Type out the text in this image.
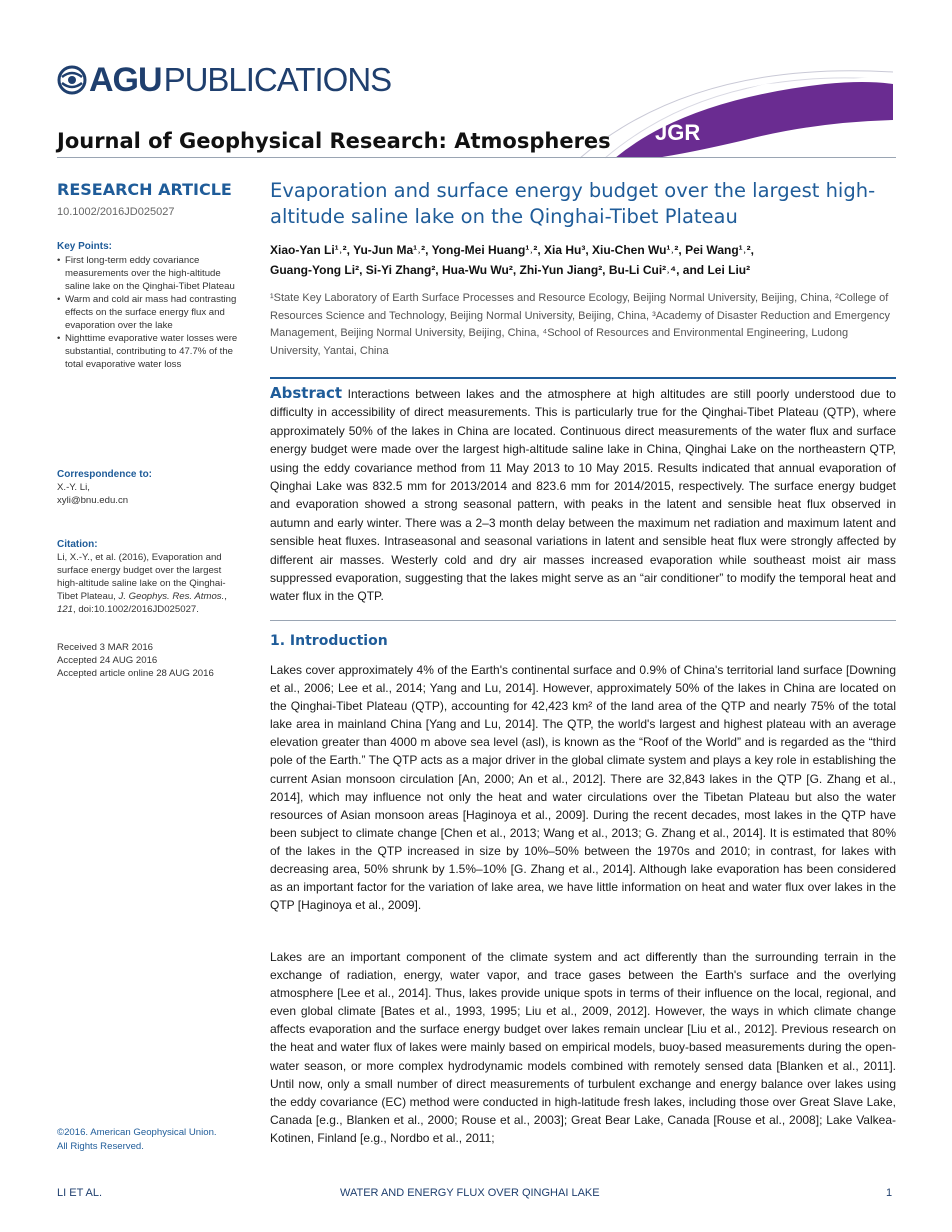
AGU PUBLICATIONS
JGR
Journal of Geophysical Research: Atmospheres
RESEARCH ARTICLE
10.1002/2016JD025027
Key Points:
• First long-term eddy covariance measurements over the high-altitude saline lake on the Qinghai-Tibet Plateau
• Warm and cold air mass had contrasting effects on the surface energy flux and evaporation over the lake
• Nighttime evaporative water losses were substantial, contributing to 47.7% of the total evaporative water loss
Correspondence to:
X.-Y. Li,
xyli@bnu.edu.cn
Citation:
Li, X.-Y., et al. (2016), Evaporation and surface energy budget over the largest high-altitude saline lake on the Qinghai-Tibet Plateau, J. Geophys. Res. Atmos., 121, doi:10.1002/2016JD025027.
Received 3 MAR 2016
Accepted 24 AUG 2016
Accepted article online 28 AUG 2016
©2016. American Geophysical Union.
All Rights Reserved.
Evaporation and surface energy budget over the largest high-altitude saline lake on the Qinghai-Tibet Plateau
Xiao-Yan Li¹˒², Yu-Jun Ma¹˒², Yong-Mei Huang¹˒², Xia Hu³, Xiu-Chen Wu¹˒², Pei Wang¹˒²,
Guang-Yong Li², Si-Yi Zhang², Hua-Wu Wu², Zhi-Yun Jiang², Bu-Li Cui²˒⁴, and Lei Liu²
¹State Key Laboratory of Earth Surface Processes and Resource Ecology, Beijing Normal University, Beijing, China, ²College of Resources Science and Technology, Beijing Normal University, Beijing, China, ³Academy of Disaster Reduction and Emergency Management, Beijing Normal University, Beijing, China, ⁴School of Resources and Environmental Engineering, Ludong University, Yantai, China
Abstract Interactions between lakes and the atmosphere at high altitudes are still poorly understood due to difficulty in accessibility of direct measurements. This is particularly true for the Qinghai-Tibet Plateau (QTP), where approximately 50% of the lakes in China are located. Continuous direct measurements of the water flux and surface energy budget were made over the largest high-altitude saline lake in China, Qinghai Lake on the northeastern QTP, using the eddy covariance method from 11 May 2013 to 10 May 2015. Results indicated that annual evaporation of Qinghai Lake was 832.5 mm for 2013/2014 and 823.6 mm for 2014/2015, respectively. The surface energy budget and evaporation showed a strong seasonal pattern, with peaks in the latent and sensible heat flux observed in autumn and early winter. There was a 2–3 month delay between the maximum net radiation and maximum latent and sensible heat fluxes. Intraseasonal and seasonal variations in latent and sensible heat flux were strongly affected by different air masses. Westerly cold and dry air masses increased evaporation while southeast moist air mass suppressed evaporation, suggesting that the lakes might serve as an “air conditioner” to modify the temporal heat and water flux in the QTP.
1. Introduction
Lakes cover approximately 4% of the Earth's continental surface and 0.9% of China's territorial land surface [Downing et al., 2006; Lee et al., 2014; Yang and Lu, 2014]. However, approximately 50% of the lakes in China are located on the Qinghai-Tibet Plateau (QTP), accounting for 42,423 km² of the land area of the QTP and nearly 75% of the total lake area in mainland China [Yang and Lu, 2014]. The QTP, the world's largest and highest plateau with an average elevation greater than 4000 m above sea level (asl), is known as the “Roof of the World” and is regarded as the “third pole of the Earth.” The QTP acts as a major driver in the global climate system and plays a key role in establishing the current Asian monsoon circulation [An, 2000; An et al., 2012]. There are 32,843 lakes in the QTP [G. Zhang et al., 2014], which may influence not only the heat and water circulations over the Tibetan Plateau but also the water resources of Asian monsoon areas [Haginoya et al., 2009]. During the recent decades, most lakes in the QTP have been subject to climate change [Chen et al., 2013; Wang et al., 2013; G. Zhang et al., 2014]. It is estimated that 80% of the lakes in the QTP increased in size by 10%–50% between the 1970s and 2010; in contrast, for lakes with decreasing area, 50% shrunk by 1.5%–10% [G. Zhang et al., 2014]. Although lake evaporation has been considered as an important factor for the variation of lake area, we have little information on heat and water flux over lakes in the QTP [Haginoya et al., 2009].
Lakes are an important component of the climate system and act differently than the surrounding terrain in the exchange of radiation, energy, water vapor, and trace gases between the Earth's surface and the overlying atmosphere [Lee et al., 2014]. Thus, lakes provide unique spots in terms of their influence on the local, regional, and even global climate [Bates et al., 1993, 1995; Liu et al., 2009, 2012]. However, the ways in which climate change affects evaporation and the surface energy budget over lakes remain unclear [Liu et al., 2012]. Previous research on the heat and water flux of lakes were mainly based on empirical models, buoy-based measurements during the open-water season, or more complex hydrodynamic models combined with remotely sensed data [Blanken et al., 2011]. Until now, only a small number of direct measurements of turbulent exchange and energy balance over lakes using the eddy covariance (EC) method were conducted in high-latitude fresh lakes, including those over Great Slave Lake, Canada [e.g., Blanken et al., 2000; Rouse et al., 2003]; Great Bear Lake, Canada [Rouse et al., 2008]; Lake Valkea-Kotinen, Finland [e.g., Nordbo et al., 2011;
LI ET AL.	WATER AND ENERGY FLUX OVER QINGHAI LAKE	1
